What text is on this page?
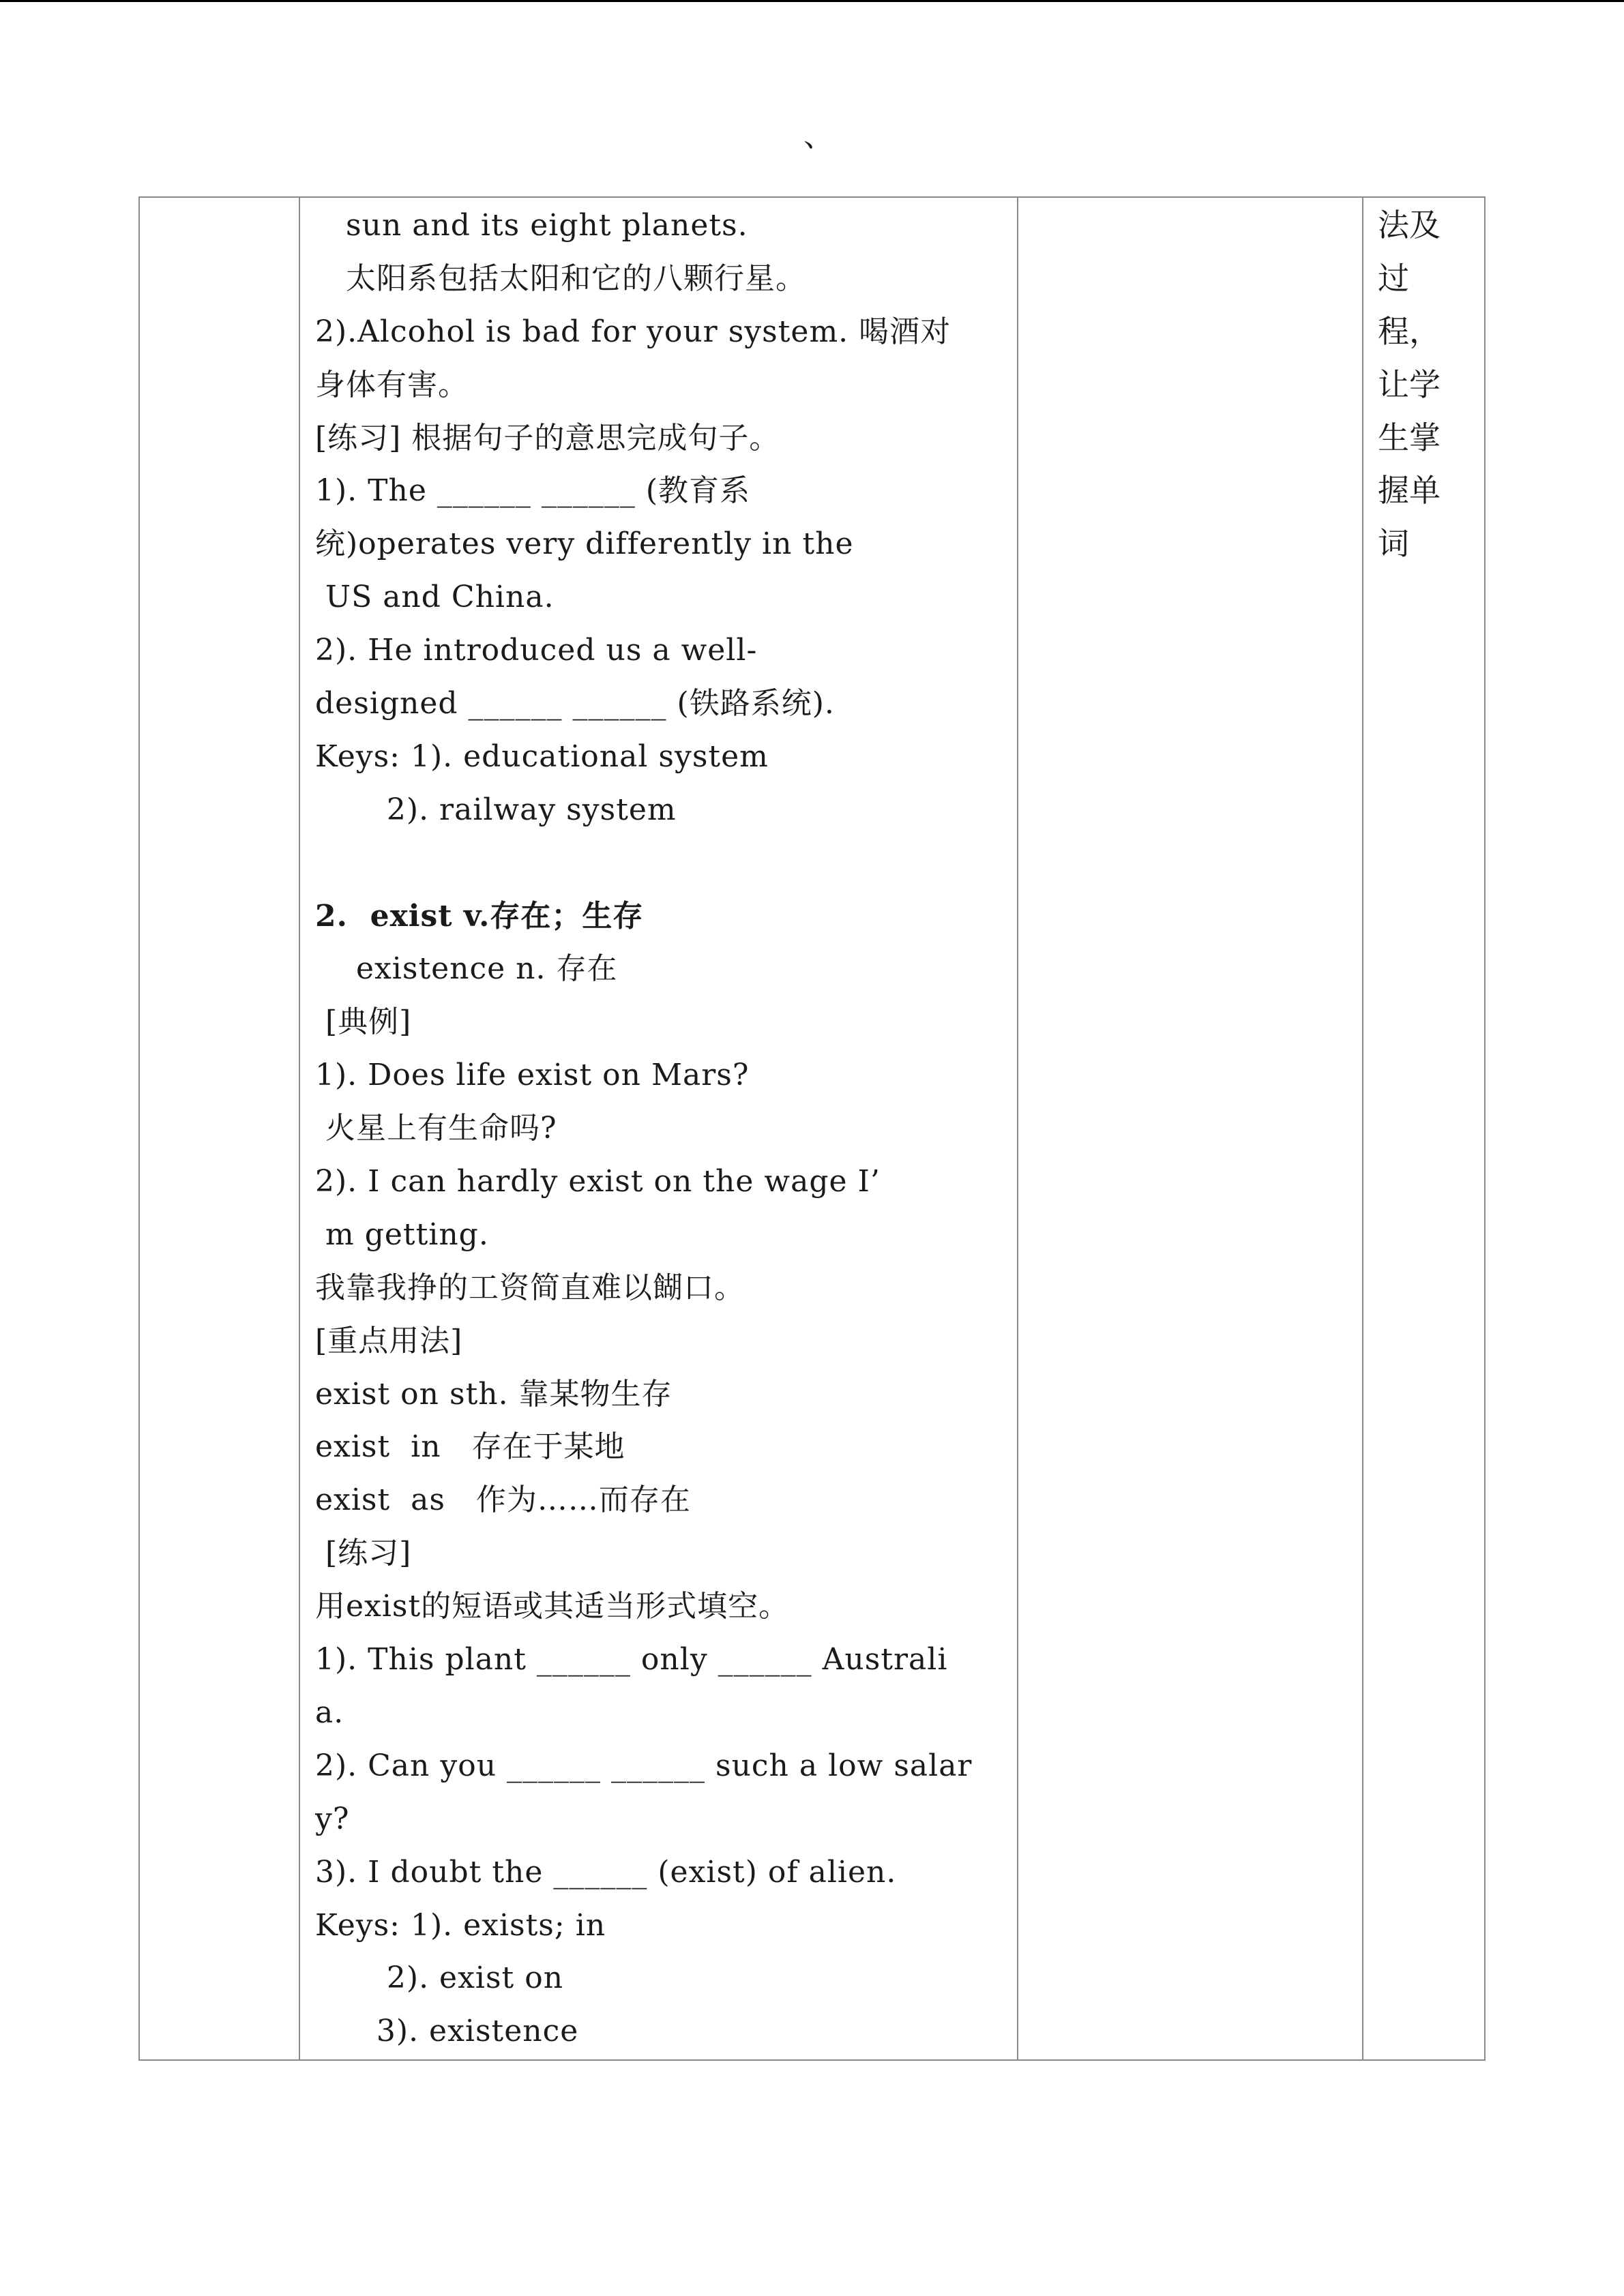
、
sun and its eight planets.
太阳系包括太阳和它的八颗行星。
2).Alcohol is bad for your system. 喝酒对
身体有害。
[练习] 根据句子的意思完成句子。
1). The ______ ______ (教育系
统)operates very differently in the
US and China.
2). He introduced us a well-
designed ______ ______ (铁路系统).
Keys: 1). educational system
2). railway system
2.  exist v.存在；生存
existence n. 存在
[典例]
1). Does life exist on Mars?
火星上有生命吗?
2). I can hardly exist on the wage I’
m getting.
我靠我挣的工资简直难以餬口。
[重点用法]
exist on sth. 靠某物生存
exist  in   存在于某地
exist  as   作为……而存在
[练习]
用exist的短语或其适当形式填空。
1). This plant ______ only ______ Australi
a.
2). Can you ______ ______ such a low salar
y?
3). I doubt the ______ (exist) of alien.
Keys: 1). exists; in
2). exist on
3). existence
法及
过
程，
让学
生掌
握单
词
